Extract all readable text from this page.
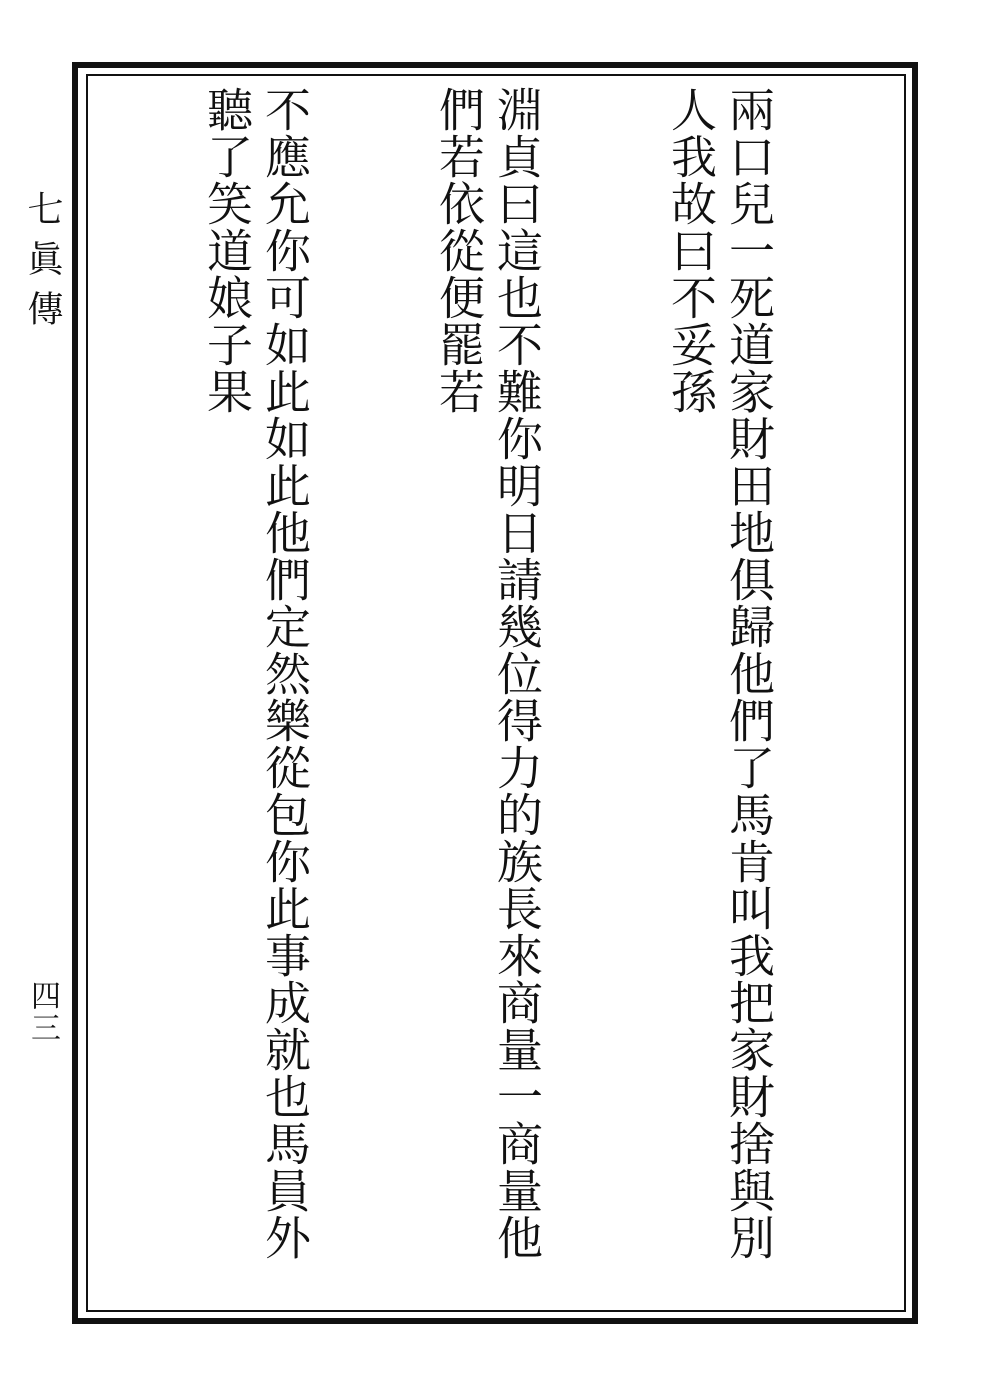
七眞傳
四三

	兩口兒一死道家財田地俱歸他們了馬肯叫我把家財捨與別人我故曰不妥孫

淵貞曰這也不難你明日請幾位得力的族長來商量一商量他們若依從便罷若

不應允你可如此如此他們定然樂從包你此事成就也馬員外聽了笑道娘子果
